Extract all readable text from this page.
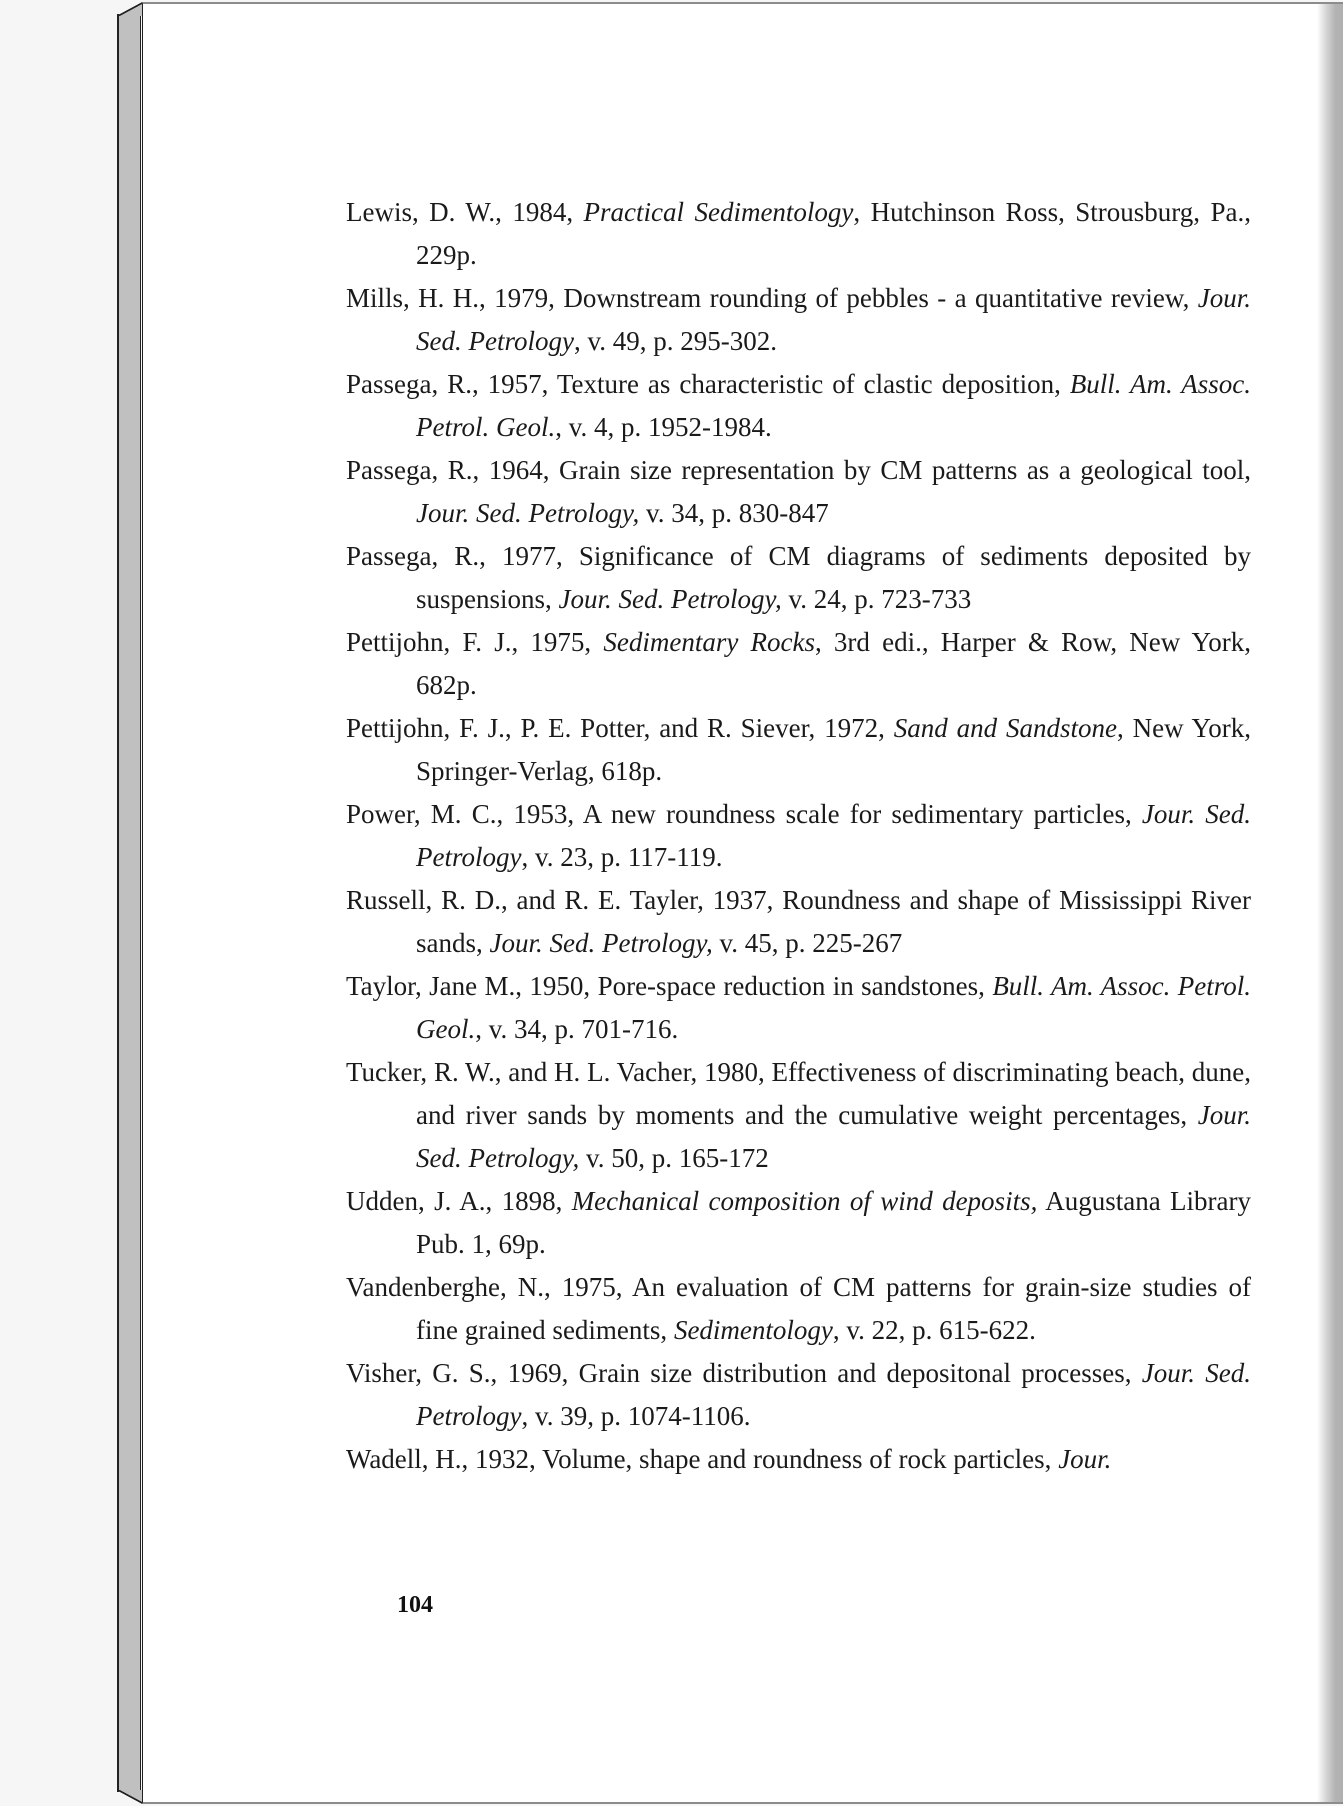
Lewis, D. W., 1984, Practical Sedimentology, Hutchinson Ross, Strousburg, Pa., 229p.
Mills, H. H., 1979, Downstream rounding of pebbles - a quantitative review, Jour. Sed. Petrology, v. 49, p. 295-302.
Passega, R., 1957, Texture as characteristic of clastic deposition, Bull. Am. Assoc. Petrol. Geol., v. 4, p. 1952-1984.
Passega, R., 1964, Grain size representation by CM patterns as a geological tool, Jour. Sed. Petrology, v. 34, p. 830-847
Passega, R., 1977, Significance of CM diagrams of sediments deposited by suspensions, Jour. Sed. Petrology, v. 24, p. 723-733
Pettijohn, F. J., 1975, Sedimentary Rocks, 3rd edi., Harper & Row, New York, 682p.
Pettijohn, F. J., P. E. Potter, and R. Siever, 1972, Sand and Sandstone, New York, Springer-Verlag, 618p.
Power, M. C., 1953, A new roundness scale for sedimentary particles, Jour. Sed. Petrology, v. 23, p. 117-119.
Russell, R. D., and R. E. Tayler, 1937, Roundness and shape of Mississippi River sands, Jour. Sed. Petrology, v. 45, p. 225-267
Taylor, Jane M., 1950, Pore-space reduction in sandstones, Bull. Am. Assoc. Petrol. Geol., v. 34, p. 701-716.
Tucker, R. W., and H. L. Vacher, 1980, Effectiveness of discriminating beach, dune, and river sands by moments and the cumulative weight percentages, Jour. Sed. Petrology, v. 50, p. 165-172
Udden, J. A., 1898, Mechanical composition of wind deposits, Augustana Library Pub. 1, 69p.
Vandenberghe, N., 1975, An evaluation of CM patterns for grain-size studies of fine grained sediments, Sedimentology, v. 22, p. 615-622.
Visher, G. S., 1969, Grain size distribution and depositonal processes, Jour. Sed. Petrology, v. 39, p. 1074-1106.
Wadell, H., 1932, Volume, shape and roundness of rock particles, Jour.
104
